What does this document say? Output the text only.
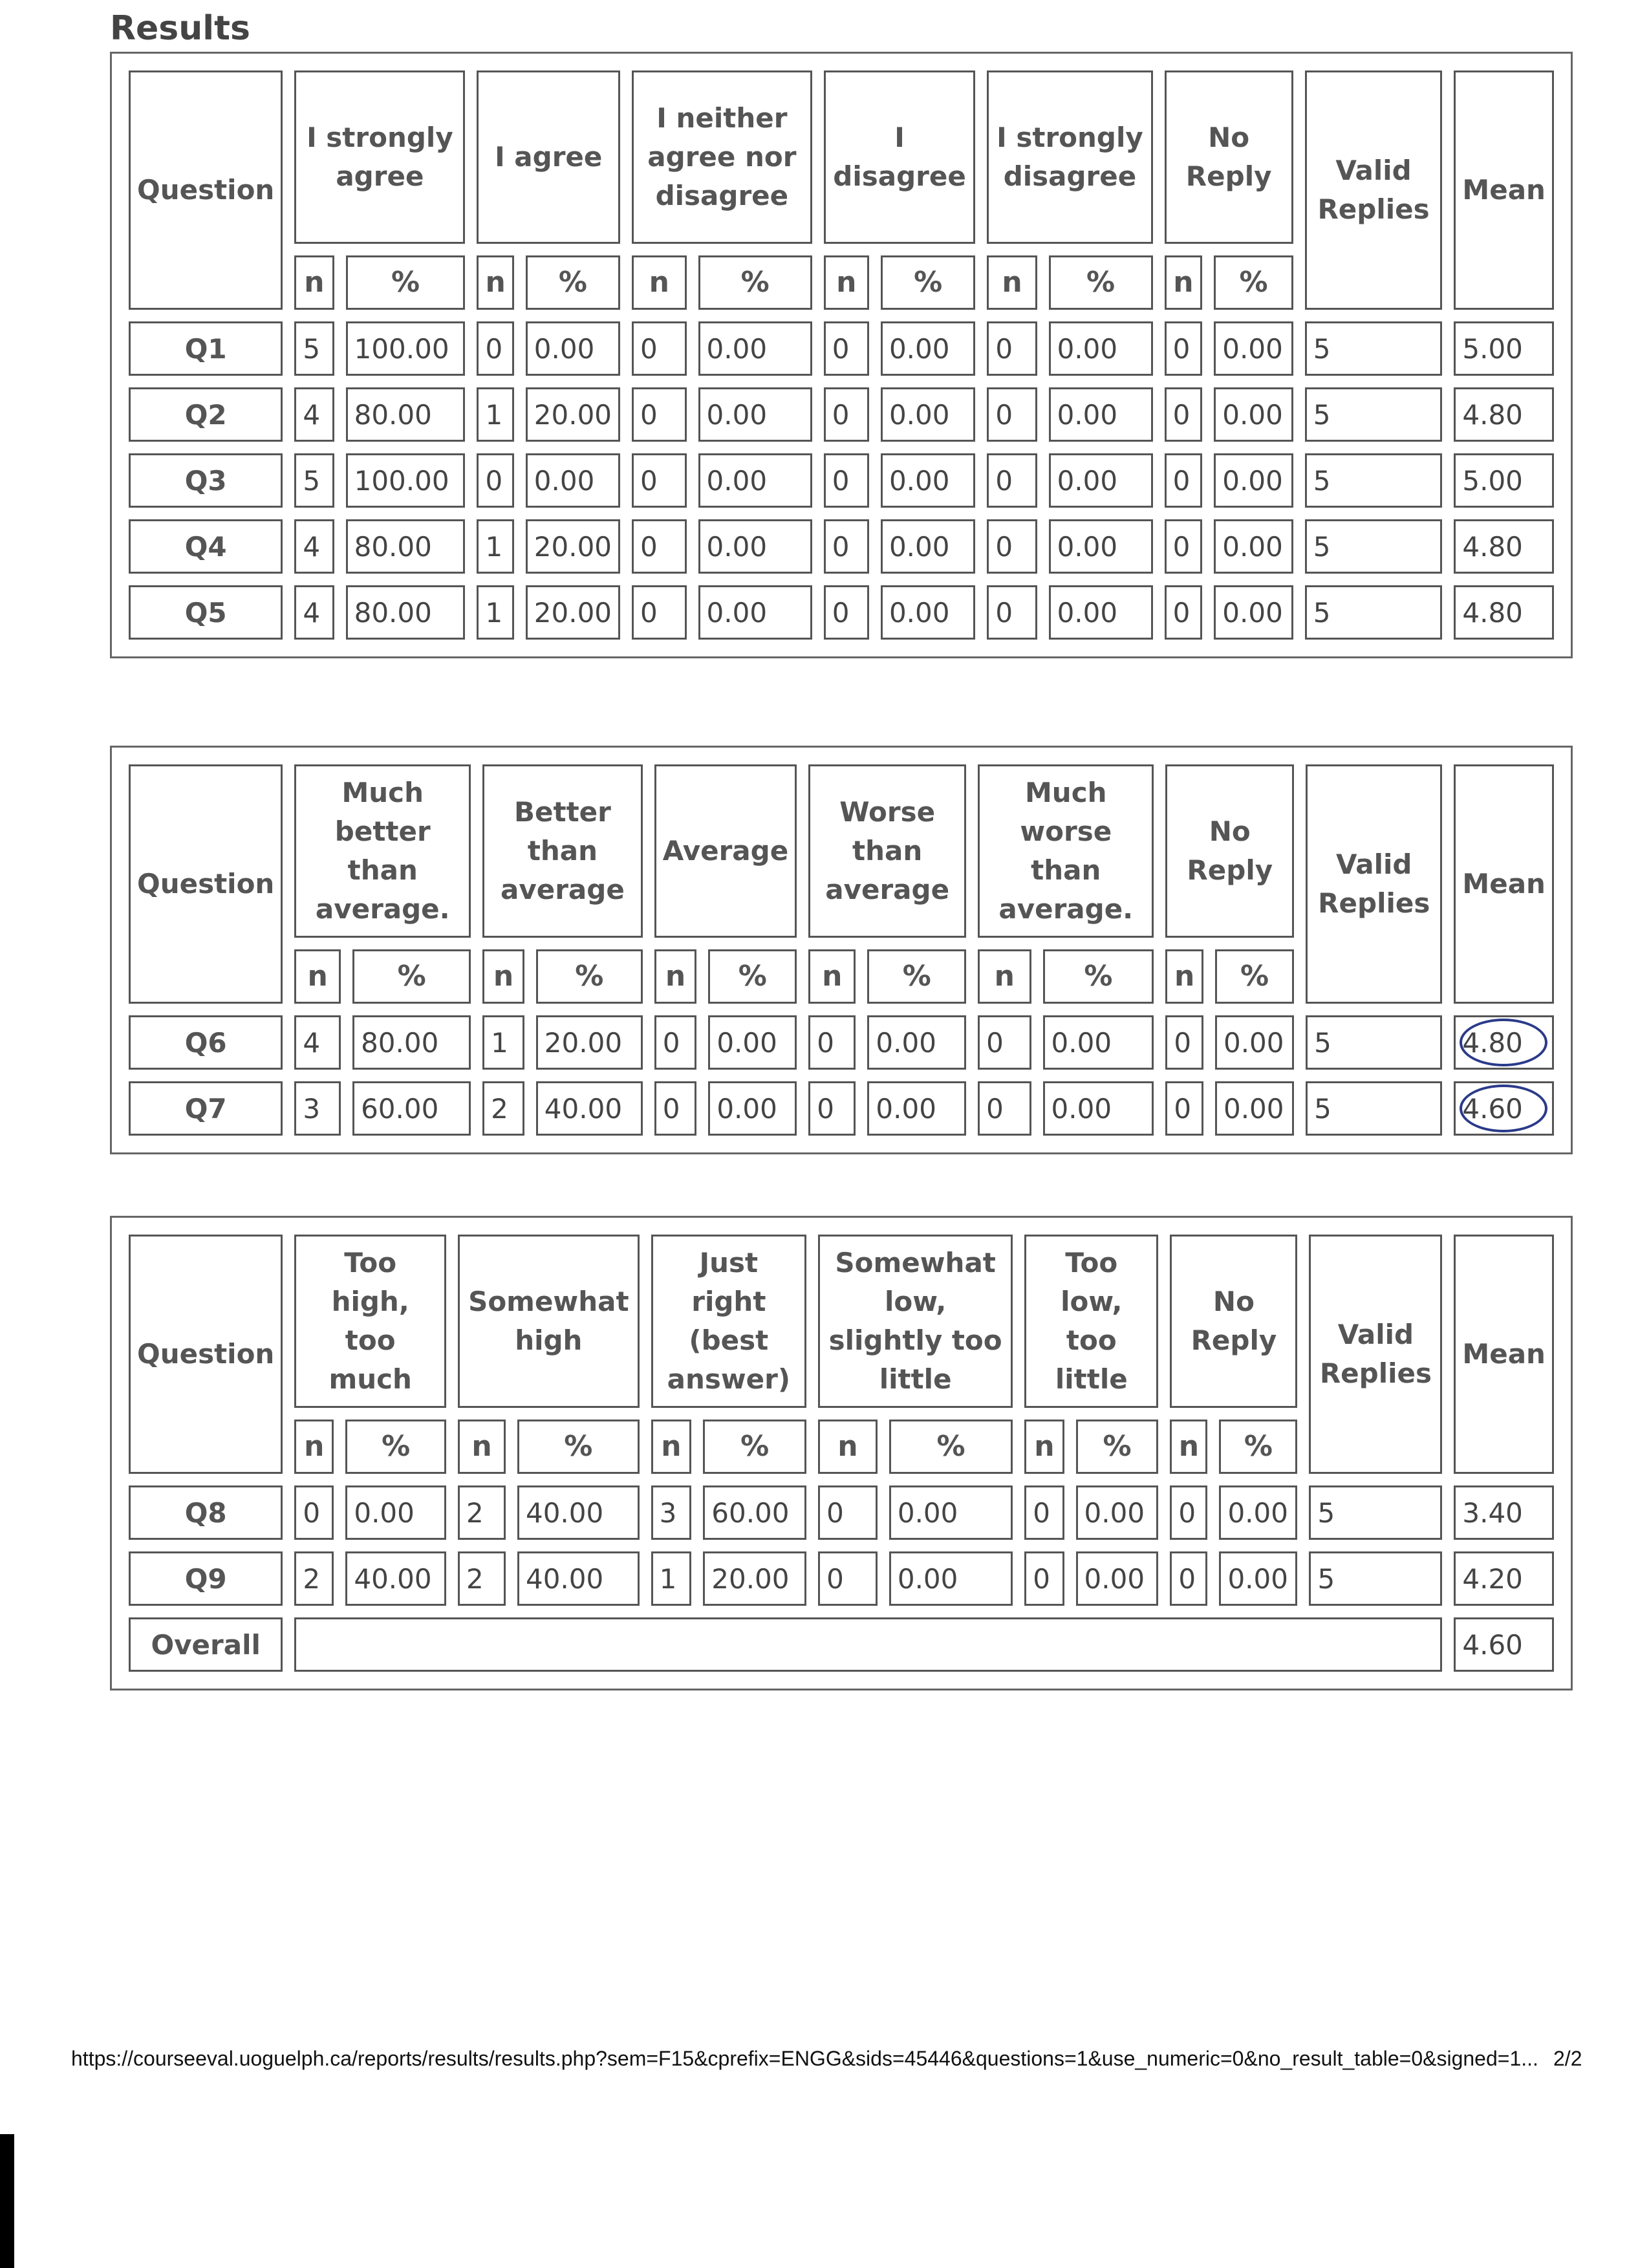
Results
Question	I strongly agree		I agree		I neither agree nor disagree		I disagree		I strongly disagree		No Reply		Valid Replies	Mean
	n	%	n	%	n	%	n	%	n	%	n	%		
Q1	5	100.00	0	0.00	0	0.00	0	0.00	0	0.00	0	0.00	5	5.00
Q2	4	80.00	1	20.00	0	0.00	0	0.00	0	0.00	0	0.00	5	4.80
Q3	5	100.00	0	0.00	0	0.00	0	0.00	0	0.00	0	0.00	5	5.00
Q4	4	80.00	1	20.00	0	0.00	0	0.00	0	0.00	0	0.00	5	4.80
Q5	4	80.00	1	20.00	0	0.00	0	0.00	0	0.00	0	0.00	5	4.80
Question	Much better than average.		Better than average		Average		Worse than average		Much worse than average.		No Reply		Valid Replies	Mean
	n	%	n	%	n	%	n	%	n	%	n	%		
Q6	4	80.00	1	20.00	0	0.00	0	0.00	0	0.00	0	0.00	5	4.80

Q7	3	60.00	2	40.00	0	0.00	0	0.00	0	0.00	0	0.00	5	4.60
Question	Too high, too much		Somewhat high		Just right (best answer)		Somewhat low, slightly too little		Too low, too little		No Reply		Valid Replies	Mean
	n	%	n	%	n	%	n	%	n	%	n	%		
Q8	0	0.00	2	40.00	3	60.00	0	0.00	0	0.00	0	0.00	5	3.40
Q9	2	40.00	2	40.00	1	20.00	0	0.00	0	0.00	0	0.00	5	4.20
Overall														4.60
https://courseeval.uoguelph.ca/reports/results/results.php?sem=F15&cprefix=ENGG&sids=45446&questions=1&use_numeric=0&no_result_table=0&signed=1... 2/2
